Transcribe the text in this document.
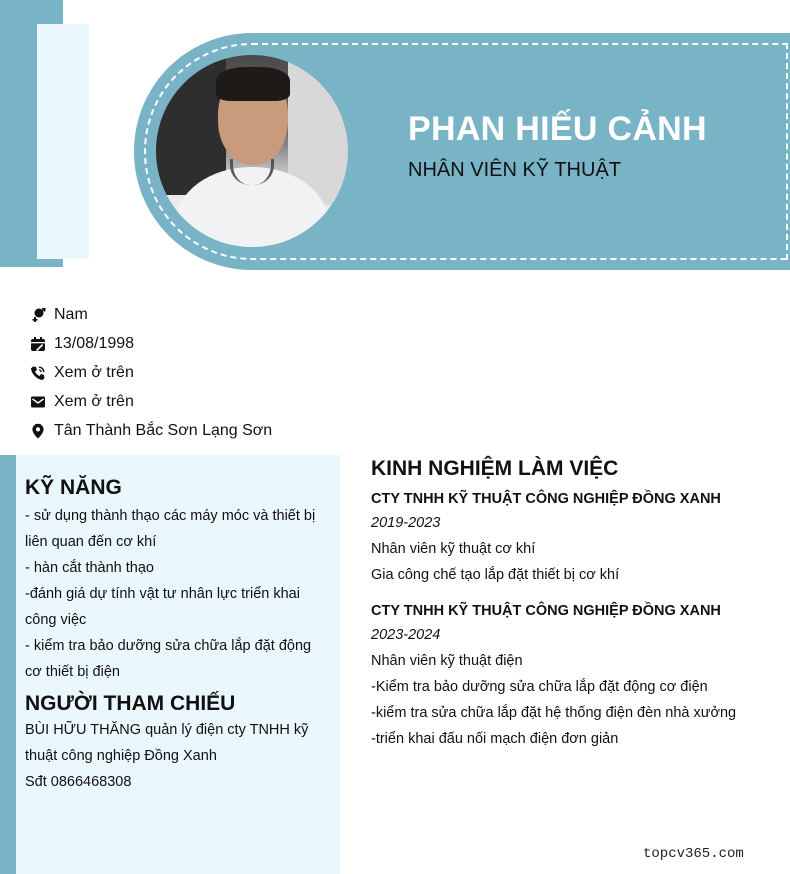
PHAN HIẾU CẢNH
NHÂN VIÊN KỸ THUẬT
Nam
13/08/1998
Xem ở trên
Xem ở trên
Tân Thành Bắc Sơn Lạng Sơn
KỸ NĂNG
- sử dụng thành thạo các máy móc và thiết bị liên quan đến cơ khí
- hàn cắt thành thạo
-đánh giá dự tính vật tư nhân lực triển khai công việc
- kiểm tra bảo dưỡng sửa chữa lắp đặt động cơ thiết bị điện
NGƯỜI THAM CHIẾU
BÙI HỮU THĂNG quản lý điện cty TNHH kỹ thuật công nghiệp Đồng Xanh
Sđt 0866468308
KINH NGHIỆM LÀM VIỆC
CTY TNHH KỸ THUẬT CÔNG NGHIỆP ĐỒNG XANH
2019-2023
Nhân viên kỹ thuật cơ khí
Gia công chế tạo lắp đặt thiết bị cơ khí
CTY TNHH KỸ THUẬT CÔNG NGHIỆP ĐỒNG XANH
2023-2024
Nhân viên kỹ thuật điện
-Kiểm tra bảo dưỡng sửa chữa lắp đặt động cơ điện
-kiểm tra sửa chữa lắp đặt hệ thống điện đèn nhà xưởng
-triển khai đấu nối mạch điện đơn giản
topcv365.com
